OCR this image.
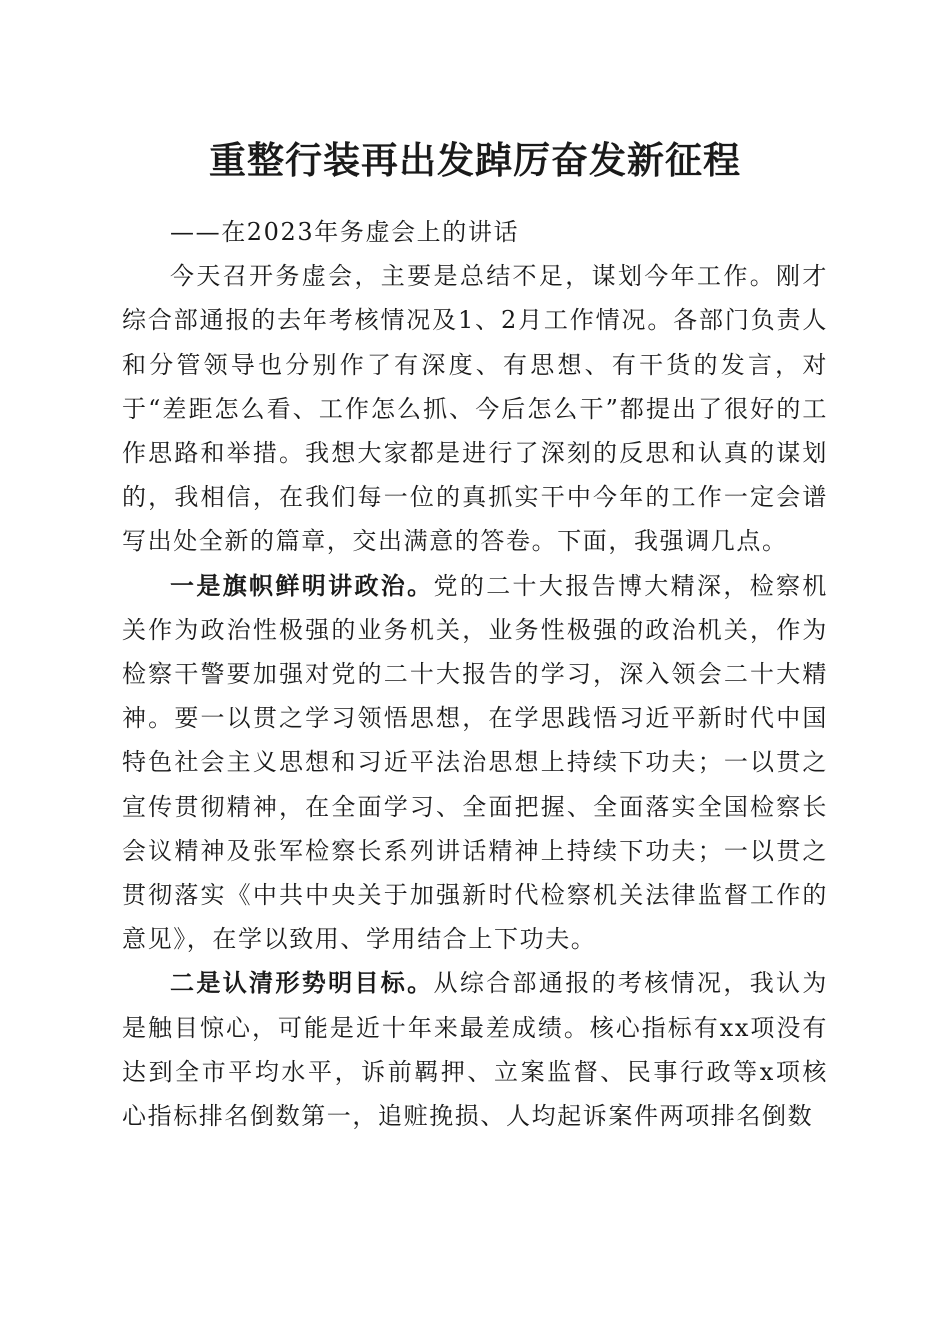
重整行装再出发踔厉奋发新征程

——在2023年务虚会上的讲话

今天召开务虚会，主要是总结不足，谋划今年工作。刚才综合部通报的去年考核情况及1、2月工作情况。各部门负责人和分管领导也分别作了有深度、有思想、有干货的发言，对于“差距怎么看、工作怎么抓、今后怎么干”都提出了很好的工作思路和举措。我想大家都是进行了深刻的反思和认真的谋划的，我相信，在我们每一位的真抓实干中今年的工作一定会谱写出处全新的篇章，交出满意的答卷。下面，我强调几点。

一是旗帜鲜明讲政治。党的二十大报告博大精深，检察机关作为政治性极强的业务机关，业务性极强的政治机关，作为检察干警要加强对党的二十大报告的学习，深入领会二十大精神。要一以贯之学习领悟思想，在学思践悟习近平新时代中国特色社会主义思想和习近平法治思想上持续下功夫；一以贯之宣传贯彻精神，在全面学习、全面把握、全面落实全国检察长会议精神及张军检察长系列讲话精神上持续下功夫；一以贯之贯彻落实《中共中央关于加强新时代检察机关法律监督工作的意见》，在学以致用、学用结合上下功夫。

二是认清形势明目标。从综合部通报的考核情况，我认为是触目惊心，可能是近十年来最差成绩。核心指标有xx项没有达到全市平均水平，诉前羁押、立案监督、民事行政等x项核心指标排名倒数第一，追赃挽损、人均起诉案件两项排名倒数
